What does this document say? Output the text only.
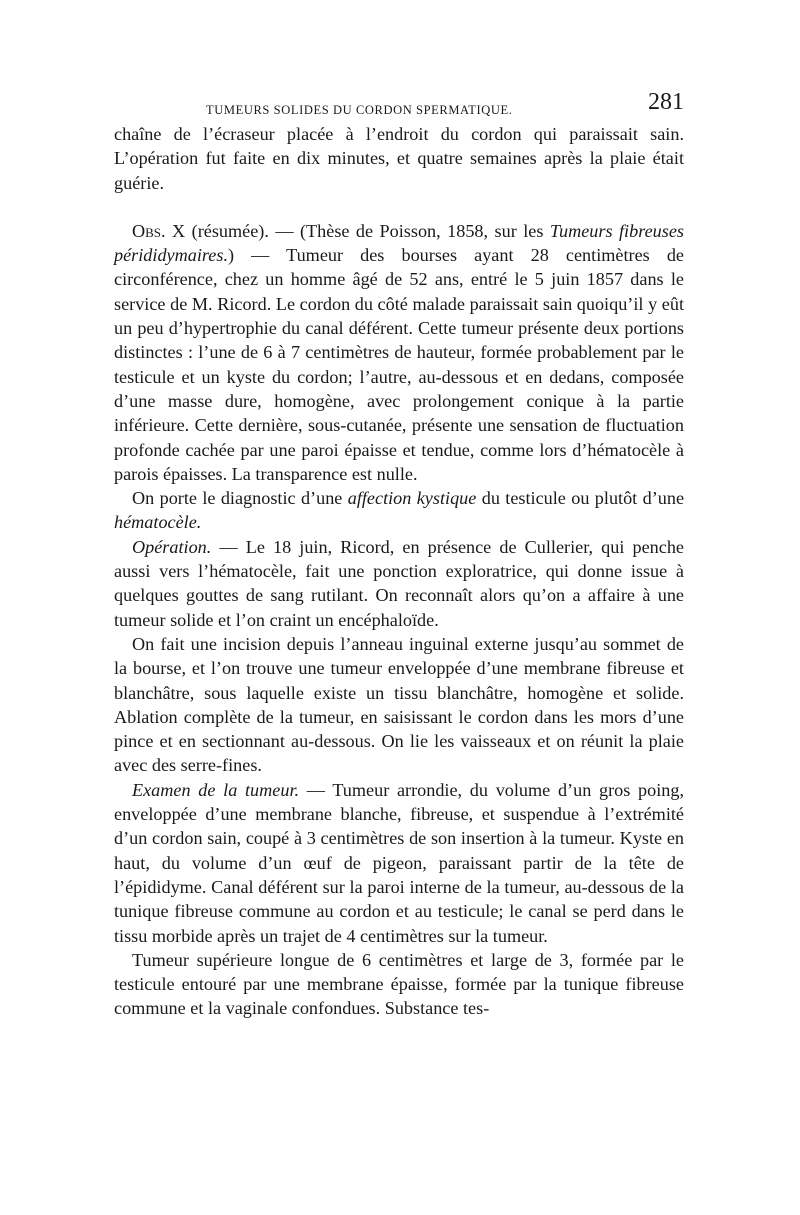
TUMEURS SOLIDES DU CORDON SPERMATIQUE.	281

chaîne de l’écraseur placée à l’endroit du cordon qui paraissait sain. L’opération fut faite en dix minutes, et quatre semaines après la plaie était guérie.

Obs. X (résumée). — (Thèse de Poisson, 1858, sur les Tumeurs fibreuses pérididymaires.) — Tumeur des bourses ayant 28 centimètres de circonférence, chez un homme âgé de 52 ans, entré le 5 juin 1857 dans le service de M. Ricord. Le cordon du côté malade paraissait sain quoiqu’il y eût un peu d’hypertrophie du canal déférent. Cette tumeur présente deux portions distinctes : l’une de 6 à 7 centimètres de hauteur, formée probablement par le testicule et un kyste du cordon; l’autre, au-dessous et en dedans, composée d’une masse dure, homogène, avec prolongement conique à la partie inférieure. Cette dernière, sous-cutanée, présente une sensation de fluctuation profonde cachée par une paroi épaisse et tendue, comme lors d’hématocèle à parois épaisses. La transparence est nulle.

On porte le diagnostic d’une affection kystique du testicule ou plutôt d’une hématocèle.

Opération. — Le 18 juin, Ricord, en présence de Cullerier, qui penche aussi vers l’hématocèle, fait une ponction exploratrice, qui donne issue à quelques gouttes de sang rutilant. On reconnaît alors qu’on a affaire à une tumeur solide et l’on craint un encéphaloïde.

On fait une incision depuis l’anneau inguinal externe jusqu’au sommet de la bourse, et l’on trouve une tumeur enveloppée d’une membrane fibreuse et blanchâtre, sous laquelle existe un tissu blanchâtre, homogène et solide. Ablation complète de la tumeur, en saisissant le cordon dans les mors d’une pince et en sectionnant au-dessous. On lie les vaisseaux et on réunit la plaie avec des serre-fines.

Examen de la tumeur. — Tumeur arrondie, du volume d’un gros poing, enveloppée d’une membrane blanche, fibreuse, et suspendue à l’extrémité d’un cordon sain, coupé à 3 centimètres de son insertion à la tumeur. Kyste en haut, du volume d’un œuf de pigeon, paraissant partir de la tête de l’épididyme. Canal déférent sur la paroi interne de la tumeur, au-dessous de la tunique fibreuse commune au cordon et au testicule; le canal se perd dans le tissu morbide après un trajet de 4 centimètres sur la tumeur.

Tumeur supérieure longue de 6 centimètres et large de 3, formée par le testicule entouré par une membrane épaisse, formée par la tunique fibreuse commune et la vaginale confondues. Substance tes-
